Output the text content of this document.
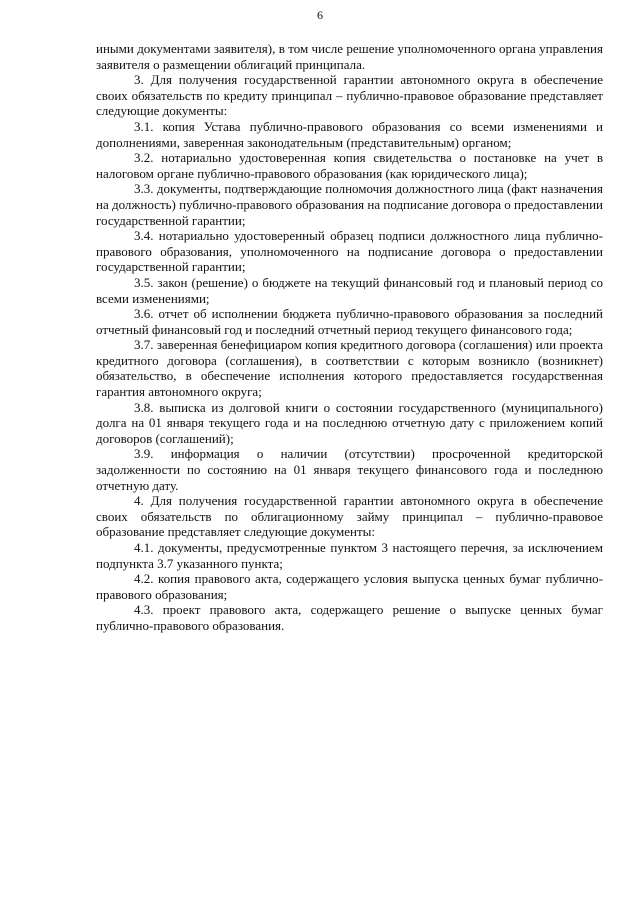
6

иными документами заявителя), в том числе решение уполномоченного органа управления заявителя о размещении облигаций принципала.

3. Для получения государственной гарантии автономного округа в обеспечение своих обязательств по кредиту принципал – публично-правовое образование представляет следующие документы:

3.1. копия Устава публично-правового образования со всеми изменениями и дополнениями, заверенная законодательным (представительным) органом;

3.2. нотариально удостоверенная копия свидетельства о постановке на учет в налоговом органе публично-правового образования (как юридического лица);

3.3. документы, подтверждающие полномочия должностного лица (факт назначения на должность) публично-правового образования на подписание договора о предоставлении государственной гарантии;

3.4. нотариально удостоверенный образец подписи должностного лица публично-правового образования, уполномоченного на подписание договора о предоставлении государственной гарантии;

3.5. закон (решение) о бюджете на текущий финансовый год и плановый период со всеми изменениями;

3.6. отчет об исполнении бюджета публично-правового образования за последний отчетный финансовый год и последний отчетный период текущего финансового года;

3.7. заверенная бенефициаром копия кредитного договора (соглашения) или проекта кредитного договора (соглашения), в соответствии с которым возникло (возникнет) обязательство, в обеспечение исполнения которого предоставляется государственная гарантия автономного округа;

3.8. выписка из долговой книги о состоянии государственного (муниципального) долга на 01 января текущего года и на последнюю отчетную дату с приложением копий договоров (соглашений);

3.9. информация о наличии (отсутствии) просроченной кредиторской задолженности по состоянию на 01 января текущего финансового года и последнюю отчетную дату.

4. Для получения государственной гарантии автономного округа в обеспечение своих обязательств по облигационному займу принципал – публично-правовое образование представляет следующие документы:

4.1. документы, предусмотренные пунктом 3 настоящего перечня, за исключением подпункта 3.7 указанного пункта;

4.2. копия правового акта, содержащего условия выпуска ценных бумаг публично-правового образования;

4.3. проект правового акта, содержащего решение о выпуске ценных бумаг публично-правового образования.
